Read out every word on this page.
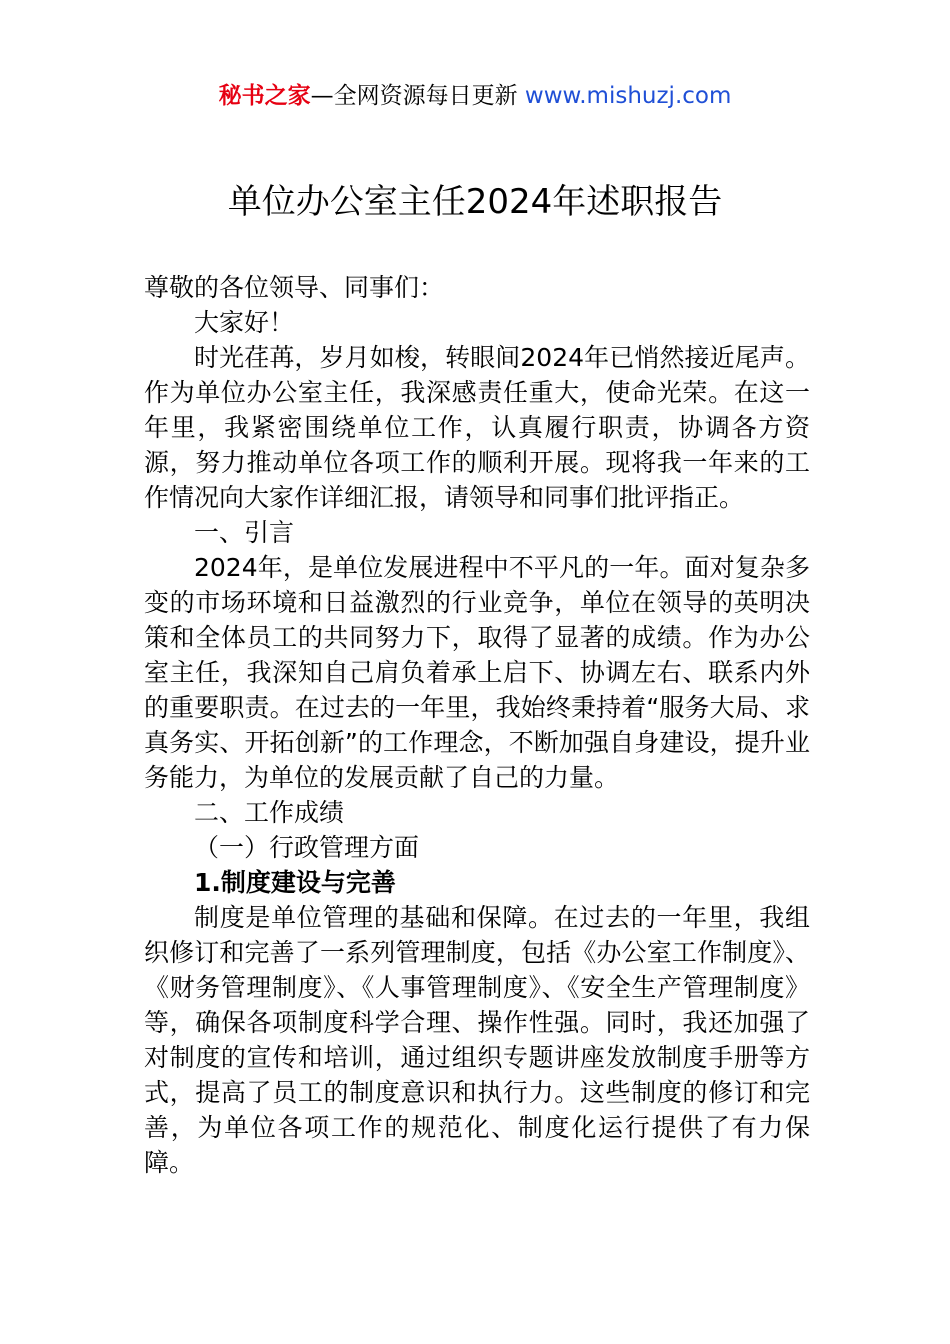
秘书之家—全网资源每日更新 www.mishuzj.com
单位办公室主任2024年述职报告

尊敬的各位领导、同事们：

大家好！

时光荏苒，岁月如梭，转眼间2024年已悄然接近尾声。作为单位办公室主任，我深感责任重大，使命光荣。在这一年里，我紧密围绕单位工作，认真履行职责，协调各方资源，努力推动单位各项工作的顺利开展。现将我一年来的工作情况向大家作详细汇报，请领导和同事们批评指正。

一、引言

2024年，是单位发展进程中不平凡的一年。面对复杂多变的市场环境和日益激烈的行业竞争，单位在领导的英明决策和全体员工的共同努力下，取得了显著的成绩。作为办公室主任，我深知自己肩负着承上启下、协调左右、联系内外的重要职责。在过去的一年里，我始终秉持着“服务大局、求真务实、开拓创新”的工作理念，不断加强自身建设，提升业务能力，为单位的发展贡献了自己的力量。

二、工作成绩

（一）行政管理方面

1.制度建设与完善

制度是单位管理的基础和保障。在过去的一年里，我组织修订和完善了一系列管理制度，包括《办公室工作制度》、《财务管理制度》、《人事管理制度》、《安全生产管理制度》等，确保各项制度科学合理、操作性强。同时，我还加强了对制度的宣传和培训，通过组织专题讲座发放制度手册等方式，提高了员工的制度意识和执行力。这些制度的修订和完善，为单位各项工作的规范化、制度化运行提供了有力保障。
